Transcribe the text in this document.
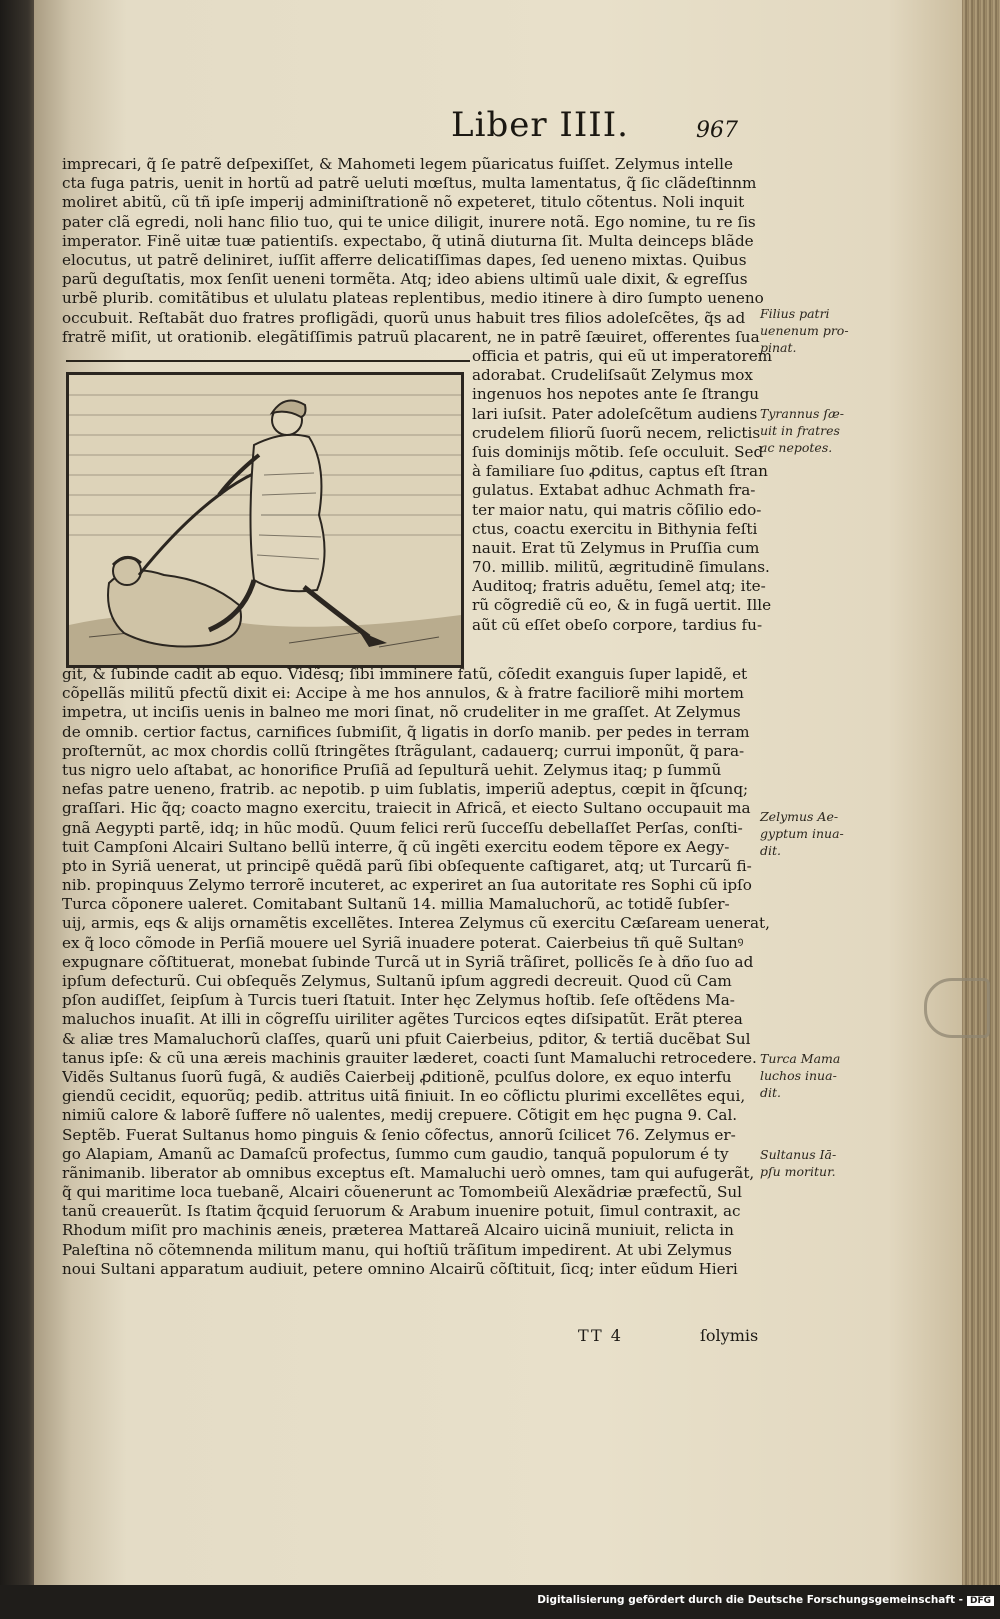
Liber IIII.	967
imprecari, q̃ ſe patrẽ deſpexiſſet, & Mahometi legem pũaricatus fuiſſet. Zelymus intelle
cta fuga patris, uenit in hortũ ad patrẽ ueluti mœſtus, multa lamentatus, q̃ ſic clãdeſtinnm
moliret abitũ, cũ tñ ipſe imperij adminiſtrationẽ nõ expeteret, titulo cõtentus. Noli inquit
pater clã egredi, noli hanc filio tuo, qui te unice diligit, inurere notã. Ego nomine, tu re ſis
imperator. Finẽ uitæ tuæ patientiſs. expectabo, q̃ utinã diuturna ſit. Multa deinceps blãde
elocutus, ut patrẽ deliniret, iuſſit afferre delicatiſſimas dapes, ſed ueneno mixtas. Quibus
parũ deguſtatis, mox ſenſit ueneni tormẽta. Atq; ideo abiens ultimũ uale dixit, & egreſſus
urbẽ plurib. comitãtibus et ululatu plateas replentibus, medio itinere à diro ſumpto ueneno
occubuit. Reſtabãt duo fratres profligãdi, quorũ unus habuit tres filios adoleſcẽtes, q̃s ad
fratrẽ miſit, ut orationib. elegãtiſſimis patruũ placarent, ne in patrẽ ſæuiret, offerentes ſua
officia et patris, qui eũ ut imperatorem
adorabat. Crudeliſsaũt Zelymus mox
ingenuos hos nepotes ante ſe ſtrangu
lari iuſsit. Pater adoleſcẽtum audiens
crudelem filiorũ ſuorũ necem, relictis
ſuis dominijs mõtib. ſeſe occuluit. Sed
à familiare ſuo ꝓditus, captus eſt ſtran
gulatus. Extabat adhuc Achmath fra-
ter maior natu, qui matris cõſilio edo-
ctus, coactu exercitu in Bithynia feſti
nauit. Erat tũ Zelymus in Pruſſia cum
70. millib. militũ, ægritudinẽ ſimulans.
Auditoq; fratris aduẽtu, ſemel atq; ite-
rũ cõgrediẽ cũ eo, & in fugã uertit. Ille
aũt cũ eſſet obeſo corpore, tardius fu-
git, & ſubinde cadit ab equo. Vidẽsq; ſibi imminere fatũ, cõſedit exanguis ſuper lapidẽ, et
cõpellãs militũ pfectũ dixit ei: Accipe à me hos annulos, & à fratre faciliorẽ mihi mortem
impetra, ut inciſis uenis in balneo me mori ſinat, nõ crudeliter in me graſſet. At Zelymus
de omnib. certior factus, carnifices ſubmiſit, q̃ ligatis in dorſo manib. per pedes in terram
proſternũt, ac mox chordis collũ ſtringẽtes ſtrãgulant, cadauerq; currui imponũt, q̃ para-
tus nigro uelo aſtabat, ac honorifice Pruſiã ad ſepulturã uehit. Zelymus itaq; p ſummũ
nefas patre ueneno, fratrib. ac nepotib. p uim ſublatis, imperiũ adeptus, cœpit in q̃ſcunq;
graſſari. Hic q̃q; coacto magno exercitu, traiecit in Africã, et eiecto Sultano occupauit ma
gnã Aegypti partẽ, idq; in hũc modũ. Quum felici rerũ ſucceſſu debellaſſet Perſas, conſti-
tuit Campſoni Alcairi Sultano bellũ interre, q̃ cũ ingẽti exercitu eodem tẽpore ex Aegy-
pto in Syriã uenerat, ut principẽ quẽdã parũ ſibi obſequente caſtigaret, atq; ut Turcarũ fi-
nib. propinquus Zelymo terrorẽ incuteret, ac experiret an ſua autoritate res Sophi cũ ipſo
Turca cõponere ualeret. Comitabant Sultanũ 14. millia Mamaluchorũ, ac totidẽ ſubſer-
uij, armis, eqs & alijs ornamẽtis excellẽtes. Interea Zelymus cũ exercitu Cæſaream uenerat,
ex q̃ loco cõmode in Perſiã mouere uel Syriã inuadere poterat. Caierbeius tñ quẽ Sultanꝰ
expugnare cõſtituerat, monebat ſubinde Turcã ut in Syriã trãſiret, pollicẽs ſe à dño ſuo ad
ipſum defecturũ. Cui obſequẽs Zelymus, Sultanũ ipſum aggredi decreuit. Quod cũ Cam
pſon audiſſet, ſeipſum à Turcis tueri ſtatuit. Inter hęc Zelymus hoſtib. ſeſe oſtẽdens Ma-
maluchos inuaſit. At illi in cõgreſſu uiriliter agẽtes Turcicos eqtes diſsipatũt. Erãt pterea
& aliæ tres Mamaluchorũ claſſes, quarũ uni pfuit Caierbeius, pditor, & tertiã ducẽbat Sul
tanus ipſe: & cũ una æreis machinis grauiter læderet, coacti ſunt Mamaluchi retrocedere.
Vidẽs Sultanus ſuorũ fugã, & audiẽs Caierbeij ꝓditionẽ, pculſus dolore, ex equo interfu
giendũ cecidit, equorũq; pedib. attritus uitã finiuit. In eo cõflictu plurimi excellẽtes equi,
nimiũ calore & laborẽ ſuffere nõ ualentes, medij crepuere. Cõtigit em hęc pugna 9. Cal.
Septẽb. Fuerat Sultanus homo pinguis & ſenio cõfectus, annorũ ſcilicet 76. Zelymus er-
go Alapiam, Amanũ ac Damaſcũ profectus, ſummo cum gaudio, tanquã populorum é ty
rãnimanib. liberator ab omnibus exceptus eſt. Mamaluchi uerò omnes, tam qui aufugerãt,
q̃ qui maritime loca tuebanẽ, Alcairi cõuenerunt ac Tomombeiũ Alexãdriæ præfectũ, Sul
tanũ creauerũt. Is ſtatim q̃cquid ſeruorum & Arabum inuenire potuit, ſimul contraxit, ac
Rhodum miſit pro machinis æneis, præterea Mattareã Alcairo uicinã muniuit, relicta in
Paleſtina nõ cõtemnenda militum manu, qui hoſtiũ trãſitum impedirent. At ubi Zelymus
noui Sultani apparatum audiuit, petere omnino Alcairũ cõſtituit, ſicq; inter eũdum Hieri
Filius patri
uenenum pro-
pinat.
Tyrannus ſæ-
uit in fratres
ac nepotes.
Zelymus Ae-
gyptum inua-
dit.
Turca Mama
luchos inua-
dit.
Sultanus Iā-
pſu moritur.
TT 4	ſolymis
Digitalisierung gefördert durch die Deutsche Forschungsgemeinschaft - DFG
